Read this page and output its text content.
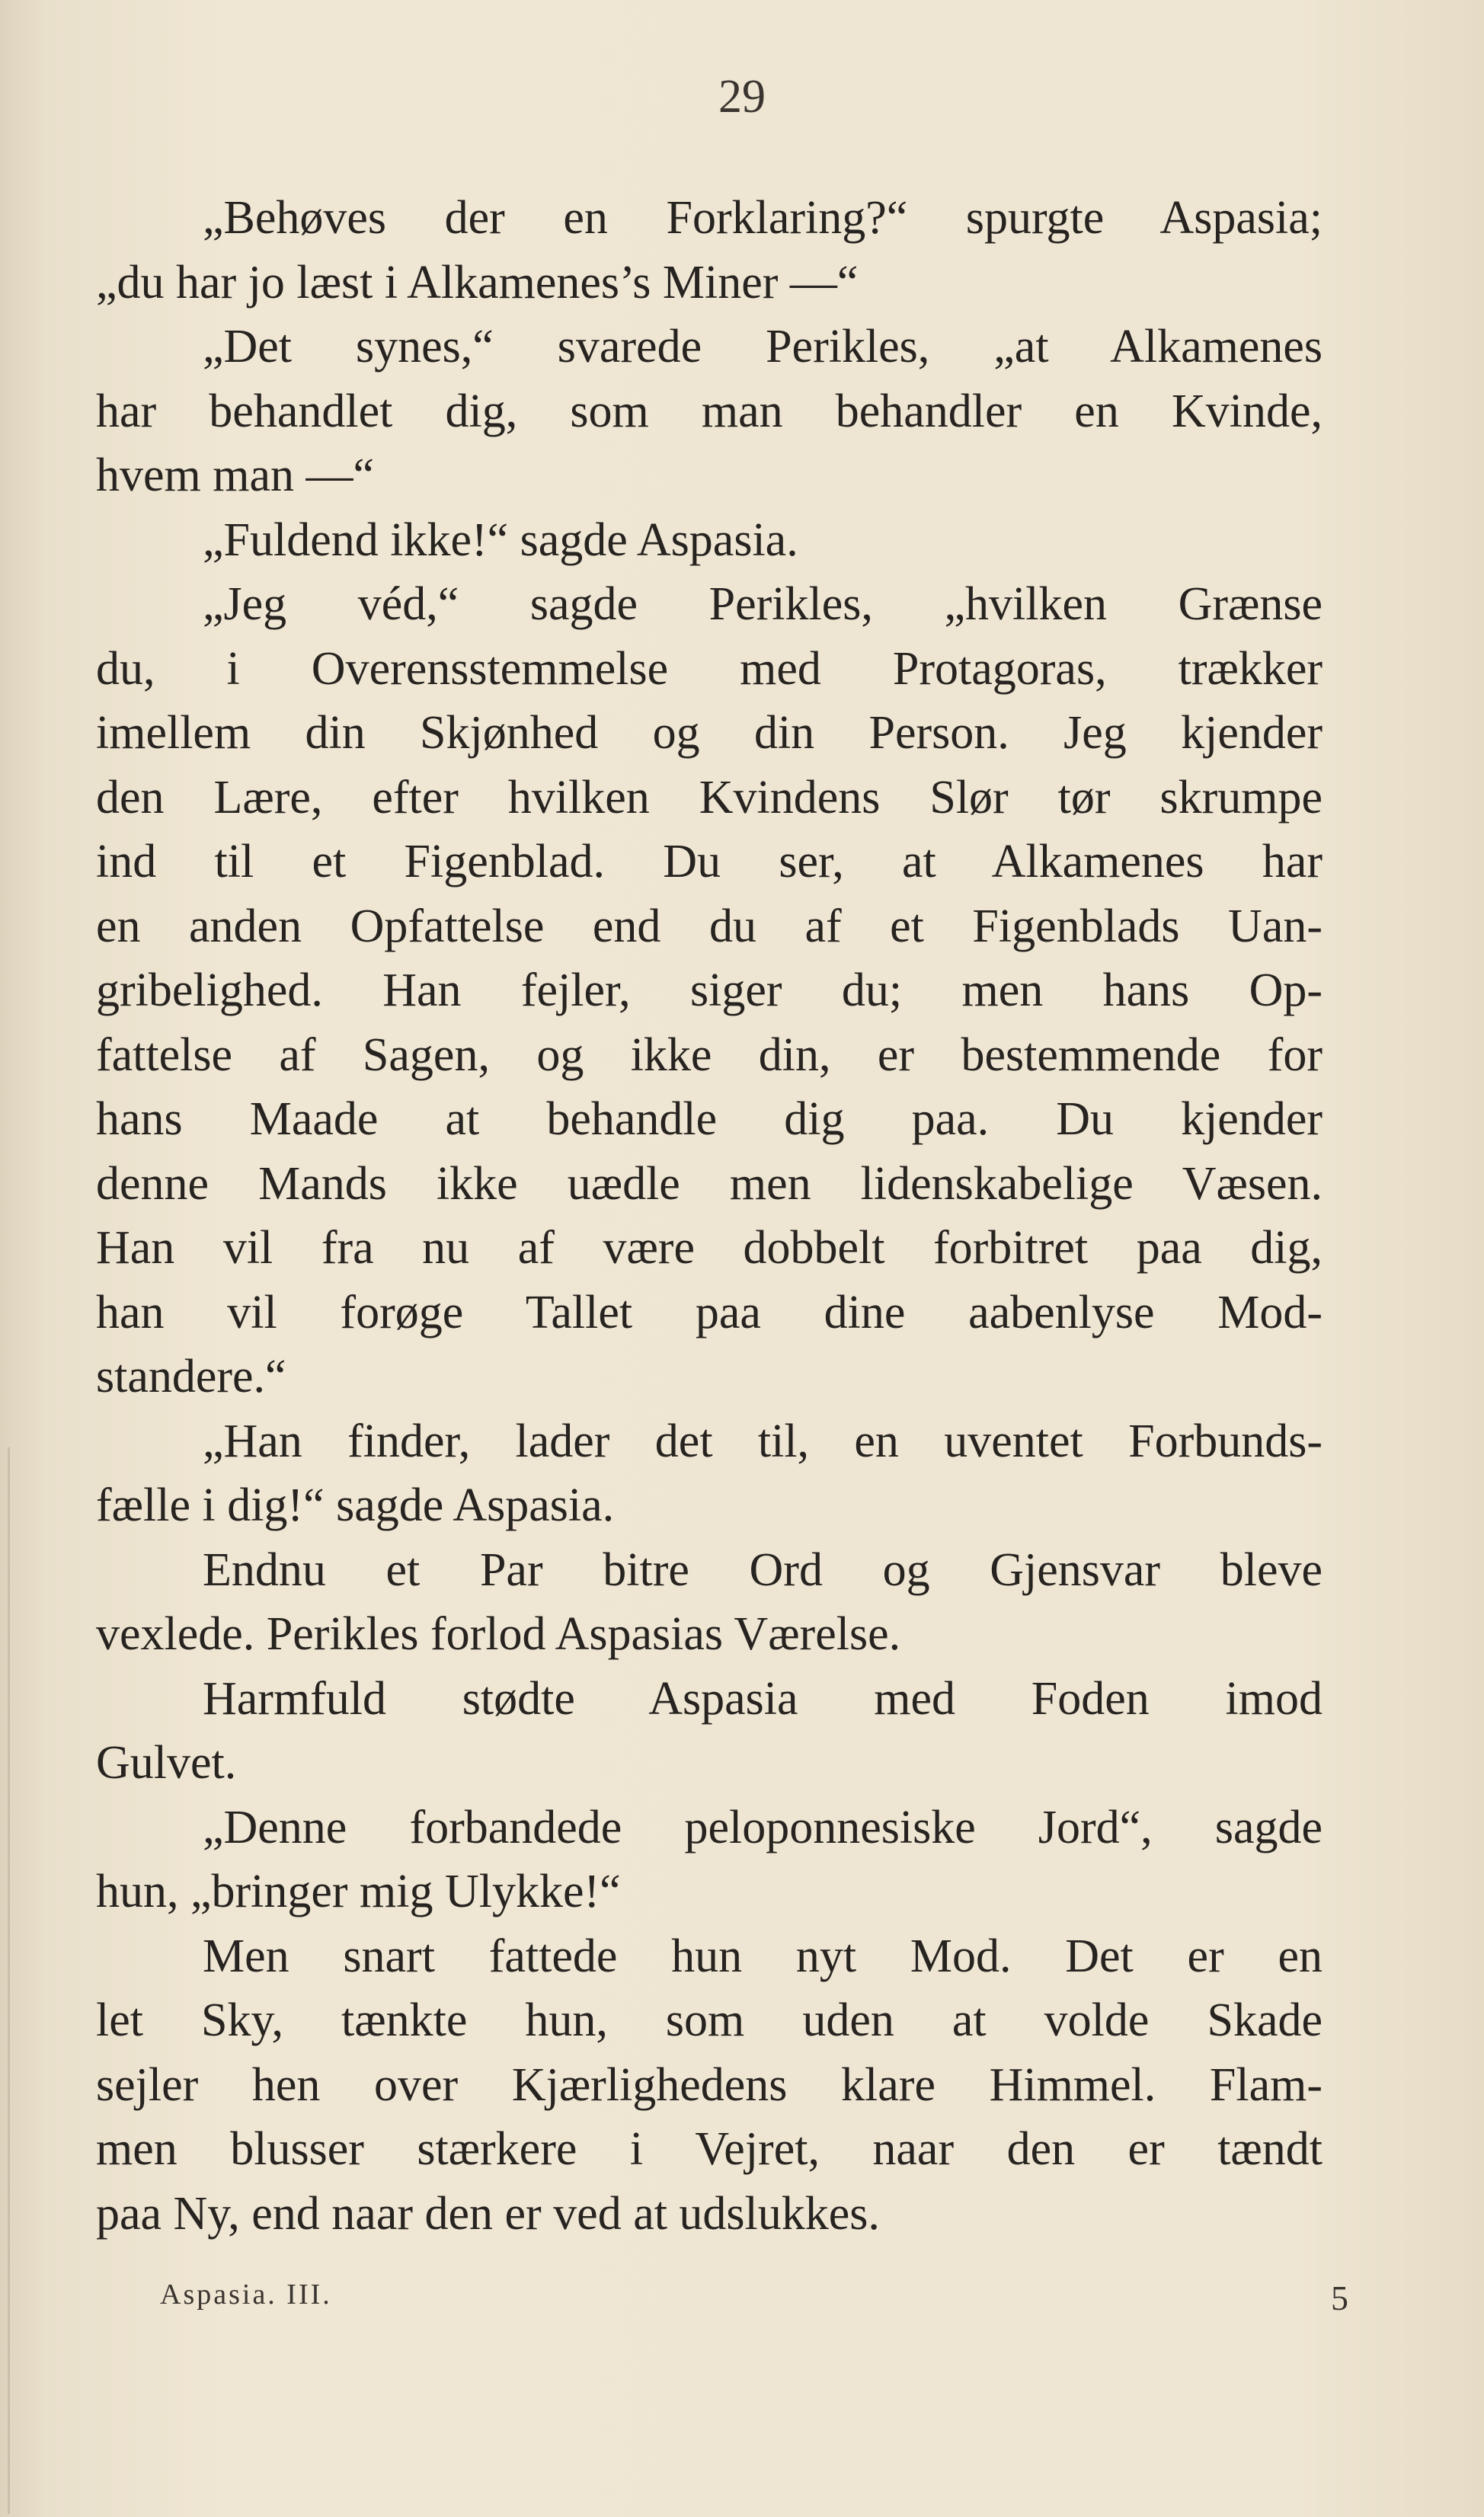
29
„Behøves der en Forklaring?“ spurgte Aspasia;
„du har jo læst i Alkamenes’s Miner —“
„Det synes,“ svarede Perikles, „at Alkamenes
har behandlet dig, som man behandler en Kvinde,
hvem man —“
„Fuldend ikke!“ sagde Aspasia.
„Jeg véd,“ sagde Perikles, „hvilken Grænse
du, i Overensstemmelse med Protagoras, trækker
imellem din Skjønhed og din Person. Jeg kjender
den Lære, efter hvilken Kvindens Slør tør skrumpe
ind til et Figenblad. Du ser, at Alkamenes har
en anden Opfattelse end du af et Figenblads Uan-
gribelighed. Han fejler, siger du; men hans Op-
fattelse af Sagen, og ikke din, er bestemmende for
hans Maade at behandle dig paa. Du kjender
denne Mands ikke uædle men lidenskabelige Væsen.
Han vil fra nu af være dobbelt forbitret paa dig,
han vil forøge Tallet paa dine aabenlyse Mod-
standere.“
„Han finder, lader det til, en uventet Forbunds-
fælle i dig!“ sagde Aspasia.
Endnu et Par bitre Ord og Gjensvar bleve
vexlede. Perikles forlod Aspasias Værelse.
Harmfuld stødte Aspasia med Foden imod
Gulvet.
„Denne forbandede peloponnesiske Jord“, sagde
hun, „bringer mig Ulykke!“
Men snart fattede hun nyt Mod. Det er en
let Sky, tænkte hun, som uden at volde Skade
sejler hen over Kjærlighedens klare Himmel. Flam-
men blusser stærkere i Vejret, naar den er tændt
paa Ny, end naar den er ved at udslukkes.
Aspasia. III.	5
